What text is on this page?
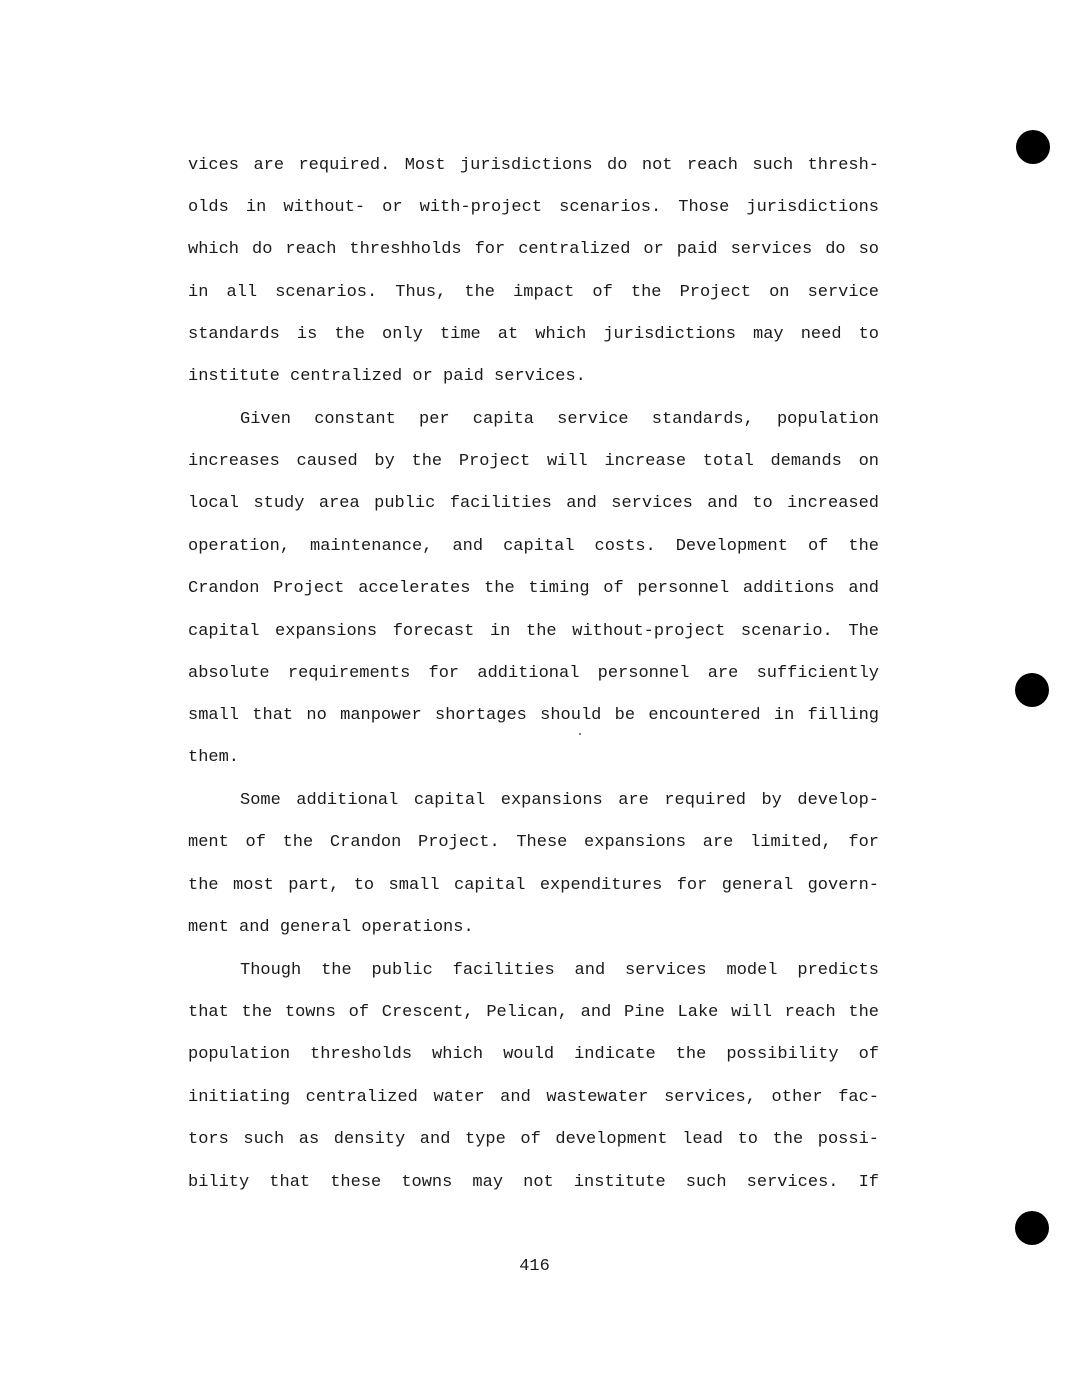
vices are required. Most jurisdictions do not reach such thresh-
olds in without- or with-project scenarios. Those jurisdictions
which do reach threshholds for centralized or paid services do so
in all scenarios. Thus, the impact of the Project on service
standards is the only time at which jurisdictions may need to
institute centralized or paid services.
Given constant per capita service standards, population
increases caused by the Project will increase total demands on
local study area public facilities and services and to increased
operation, maintenance, and capital costs. Development of the
Crandon Project accelerates the timing of personnel additions and
capital expansions forecast in the without-project scenario. The
absolute requirements for additional personnel are sufficiently
small that no manpower shortages should be encountered in filling
them.
Some additional capital expansions are required by develop-
ment of the Crandon Project. These expansions are limited, for
the most part, to small capital expenditures for general govern-
ment and general operations.
Though the public facilities and services model predicts
that the towns of Crescent, Pelican, and Pine Lake will reach the
population thresholds which would indicate the possibility of
initiating centralized water and wastewater services, other fac-
tors such as density and type of development lead to the possi-
bility that these towns may not institute such services. If
416
